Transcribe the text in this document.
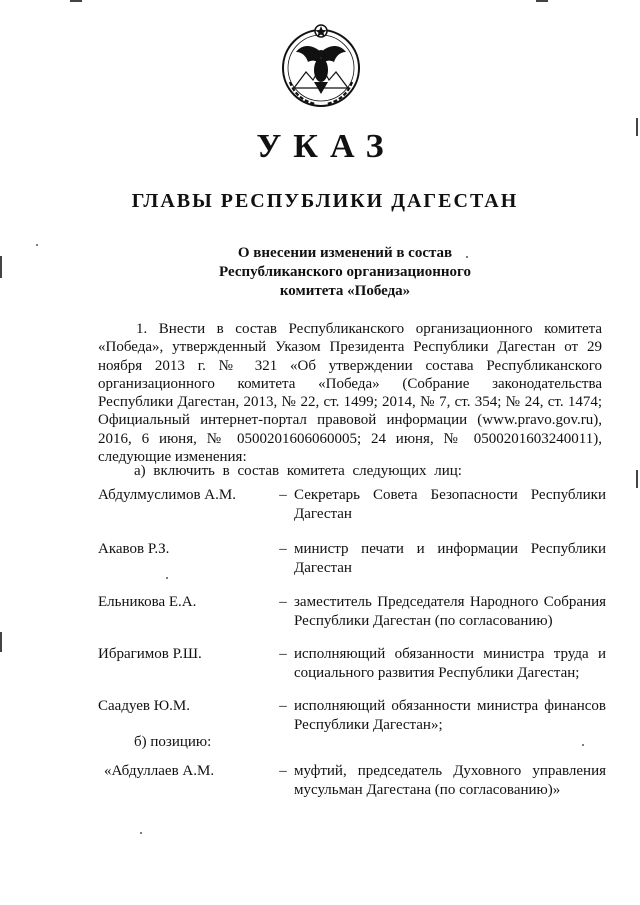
УКАЗ
ГЛАВЫ РЕСПУБЛИКИ ДАГЕСТАН
О внесении изменений в состав
Республиканского организационного
комитета «Победа»
1. Внести в состав Республиканского организационного комитета «Победа», утвержденный Указом Президента Республики Дагестан от 29 ноября 2013 г. № 321 «Об утверждении состава Республиканского организационного комитета «Победа» (Собрание законодательства Республики Дагестан, 2013, № 22, ст. 1499; 2014, № 7, ст. 354; № 24, ст. 1474; Официальный интернет-портал правовой информации (www.pravo.gov.ru), 2016, 6 июня, № 0500201606060005; 24 июня, № 0500201603240011), следующие изменения:
а) включить в состав комитета следующих лиц:
Абдулмуслимов А.М.	– Секретарь Совета Безопасности Республики Дагестан
Акавов Р.З.	– министр печати и информации Республики Дагестан
Ельникова Е.А.	– заместитель Председателя Народного Собрания Республики Дагестан (по согласованию)
Ибрагимов Р.Ш.	– исполняющий обязанности министра труда и социального развития Республики Дагестан;
Саадуев Ю.М.	– исполняющий обязанности министра финансов Республики Дагестан»;
б) позицию:
«Абдуллаев А.М.	– муфтий, председатель Духовного управления мусульман Дагестана (по согласованию)»
